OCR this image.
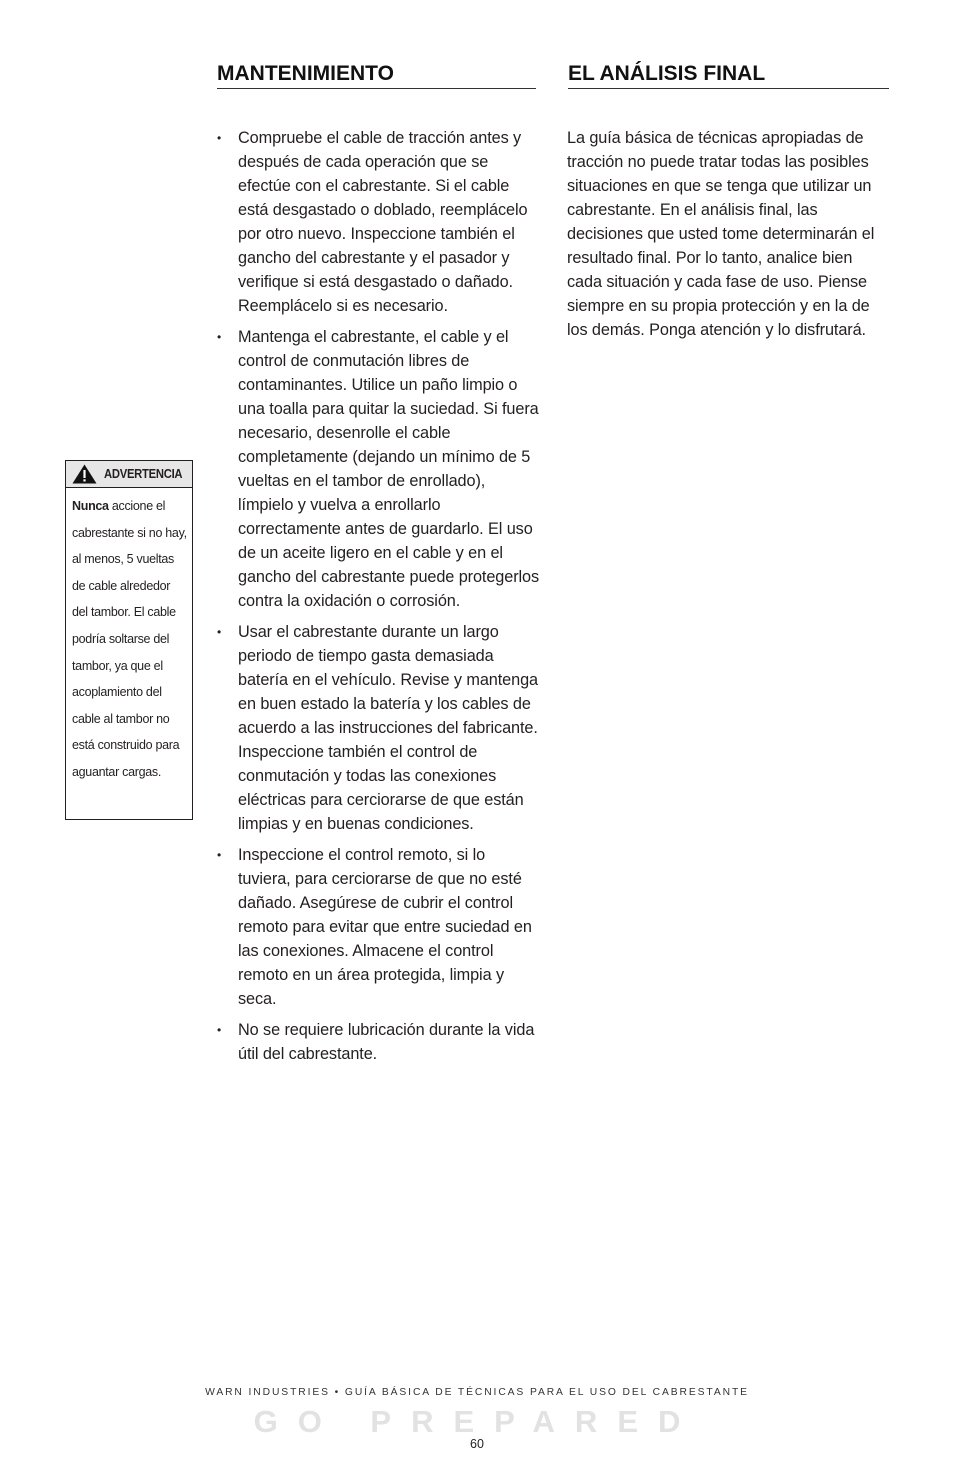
MANTENIMIENTO	EL ANÁLISIS FINAL
•	Compruebe el cable de tracción antes y después de cada operación que se efectúe con el cabrestante. Si el cable está desgastado o doblado, reemplácelo por otro nuevo. Inspeccione también el gancho del cabrestante y el pasador y verifique si está desgastado o dañado. Reemplácelo si es necesario.
•	Mantenga el cabrestante, el cable y el control de conmutación libres de contaminantes. Utilice un paño limpio o una toalla para quitar la suciedad. Si fuera necesario, desenrolle el cable completamente (dejando un mínimo de 5 vueltas en el tambor de enrollado), límpielo y vuelva a enrollarlo correctamente antes de guardarlo. El uso de un aceite ligero en el cable y en el gancho del cabrestante puede protegerlos contra la oxidación o corrosión.
•	Usar el cabrestante durante un largo periodo de tiempo gasta demasiada batería en el vehículo. Revise y mantenga en buen estado la batería y los cables de acuerdo a las instrucciones del fabricante. Inspeccione también el control de conmutación y todas las conexiones eléctricas para cerciorarse de que están limpias y en buenas condiciones.
•	Inspeccione el control remoto, si lo tuviera, para cerciorarse de que no esté dañado. Asegúrese de cubrir el control remoto para evitar que entre suciedad en las conexiones. Almacene el control remoto en un área protegida, limpia y seca.
•	No se requiere lubricación durante la vida útil del cabrestante.

La guía básica de técnicas apropiadas de tracción no puede tratar todas las posibles situaciones en que se tenga que utilizar un cabrestante. En el análisis final, las decisiones que usted tome determinarán el resultado final. Por lo tanto, analice bien cada situación y cada fase de uso. Piense siempre en su propia protección y en la de los demás. Ponga atención y lo disfrutará.

ADVERTENCIA
Nunca accione el cabrestante si no hay, al menos, 5 vueltas de cable alrededor del tambor. El cable podría soltarse del tambor, ya que el acoplamiento del cable al tambor no está construido para aguantar cargas.
WARN INDUSTRIES • GUÍA BÁSICA DE TÉCNICAS PARA EL USO DEL CABRESTANTE
GO PREPARED
60
